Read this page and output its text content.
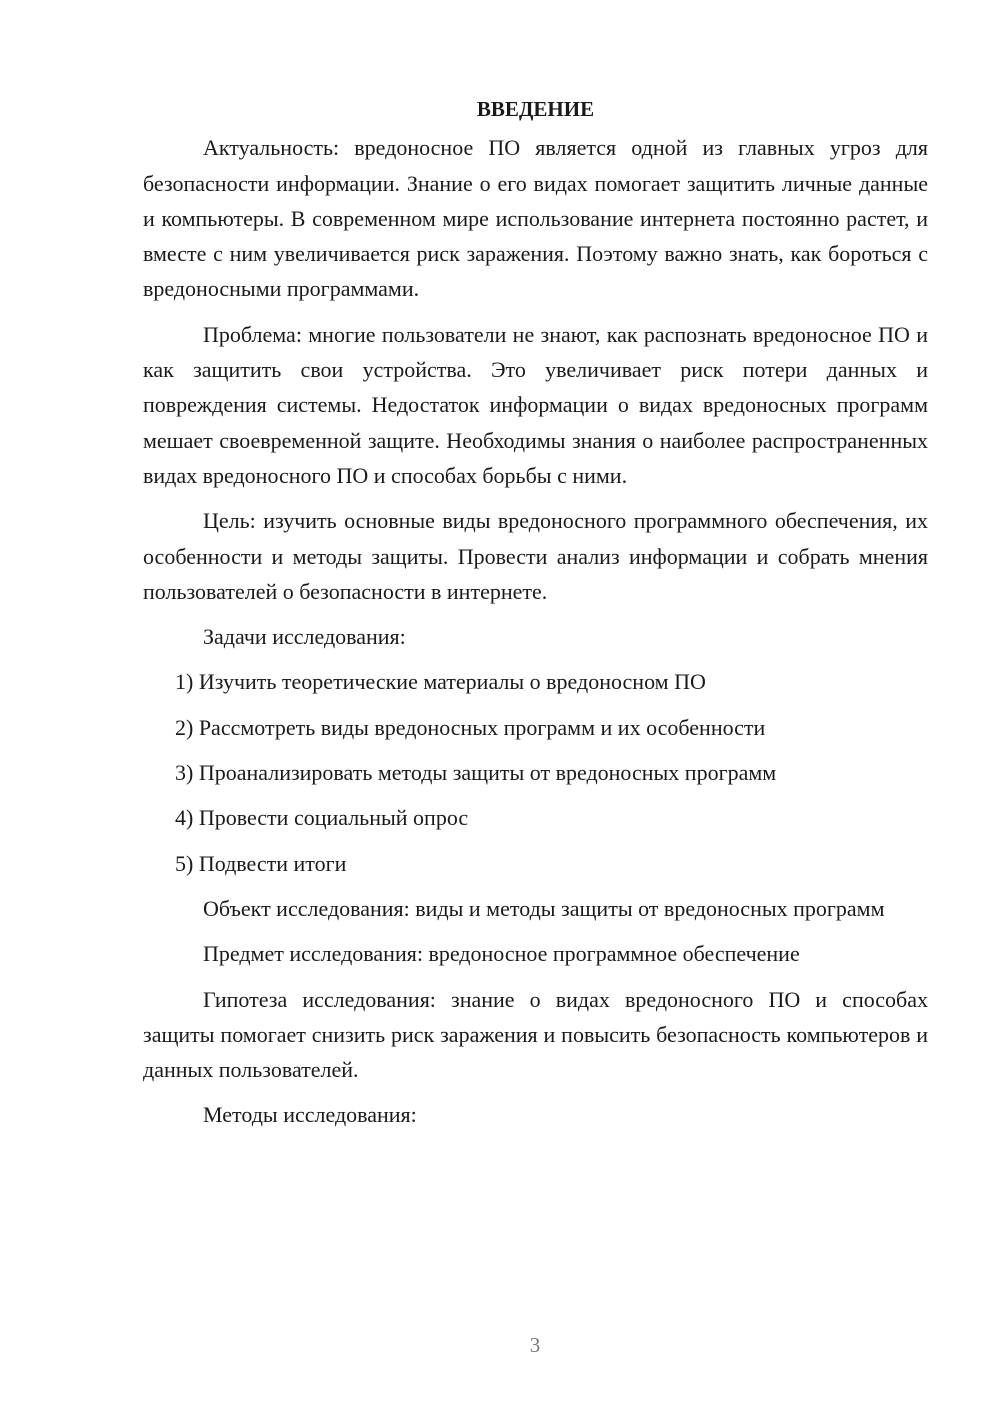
ВВЕДЕНИЕ

Актуальность: вредоносное ПО является одной из главных угроз для безопасности информации. Знание о его видах помогает защитить личные данные и компьютеры. В современном мире использование интернета постоянно растет, и вместе с ним увеличивается риск заражения. Поэтому важно знать, как бороться с вредоносными программами.

Проблема: многие пользователи не знают, как распознать вредоносное ПО и как защитить свои устройства. Это увеличивает риск потери данных и повреждения системы. Недостаток информации о видах вредоносных программ мешает своевременной защите. Необходимы знания о наиболее распространенных видах вредоносного ПО и способах борьбы с ними.

Цель: изучить основные виды вредоносного программного обеспечения, их особенности и методы защиты. Провести анализ информации и собрать мнения пользователей о безопасности в интернете.

Задачи исследования:

1) Изучить теоретические материалы о вредоносном ПО
2) Рассмотреть виды вредоносных программ и их особенности
3) Проанализировать методы защиты от вредоносных программ
4) Провести социальный опрос
5) Подвести итоги

Объект исследования: виды и методы защиты от вредоносных программ

Предмет исследования: вредоносное программное обеспечение

Гипотеза исследования: знание о видах вредоносного ПО и способах защиты помогает снизить риск заражения и повысить безопасность компьютеров и данных пользователей.

Методы исследования:

3
